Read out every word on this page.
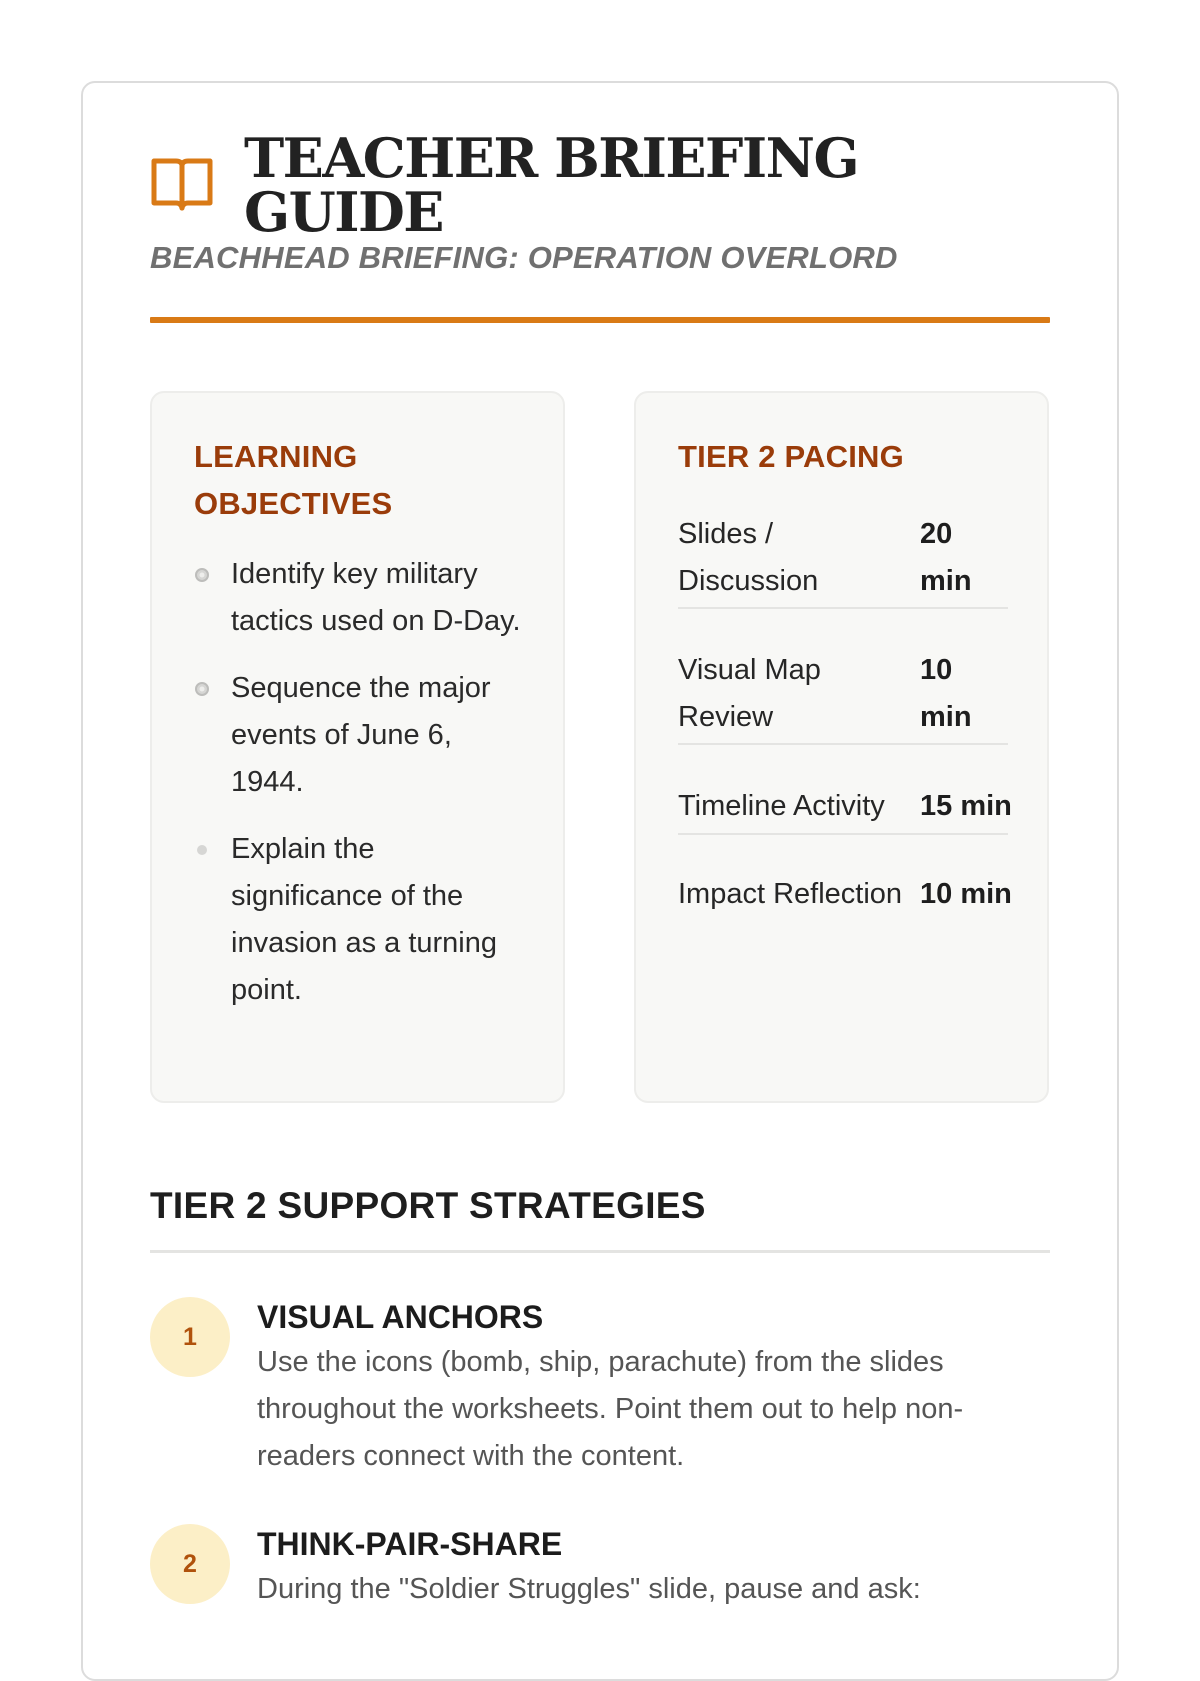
TEACHER BRIEFING GUIDE
BEACHHEAD BRIEFING: OPERATION OVERLORD
LEARNING OBJECTIVES
Identify key military tactics used on D-Day.
Sequence the major events of June 6, 1944.
Explain the significance of the invasion as a turning point.
TIER 2 PACING
Slides / Discussion
20 min
Visual Map Review
10 min
Timeline Activity	15 min
Impact Reflection 10 min
TIER 2 SUPPORT STRATEGIES
1
VISUAL ANCHORS
Use the icons (bomb, ship, parachute) from the slides throughout the worksheets. Point them out to help non-readers connect with the content.
2
THINK-PAIR-SHARE
During the "Soldier Struggles" slide, pause and ask:
